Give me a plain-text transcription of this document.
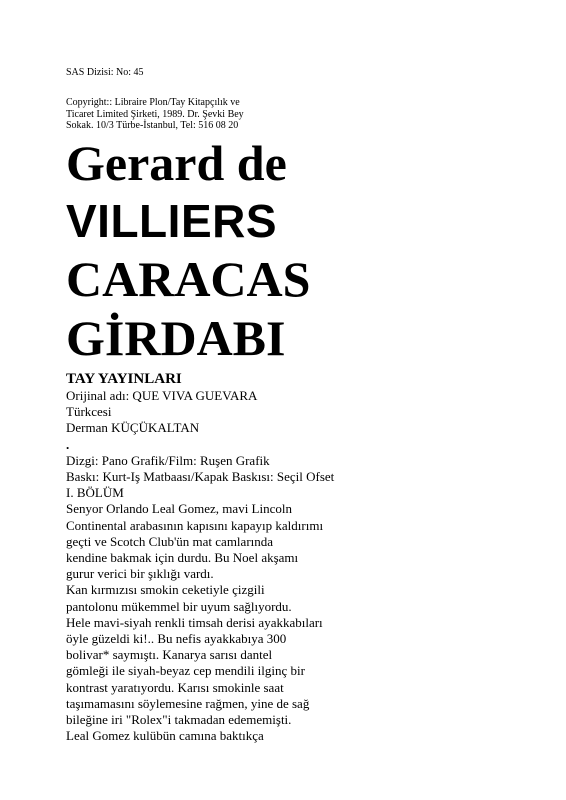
SAS Dizisi: No: 45
Copyright:: Libraire Plon/Tay Kitapçılık ve
Ticaret Limited Şirketi, 1989. Dr. Şevki Bey
Sokak. 10/3 Türbe-İstanbul, Tel: 516 08 20
Gerard de
VILLIERS
CARACAS
GİRDABI
TAY YAYINLARI
Orijinal adı: QUE VIVA GUEVARA
Türkcesi
Derman KÜÇÜKALTAN
.
Dizgi: Pano Grafik/Film: Ruşen Grafik
Baskı: Kurt-Iş Matbaası/Kapak Baskısı: Seçil Ofset
I. BÖLÜM
Senyor Orlando Leal Gomez, mavi Lincoln
Continental arabasının kapısını kapayıp kaldırımı
geçti ve Scotch Club'ün mat camlarında
kendine bakmak için durdu. Bu Noel akşamı
gurur verici bir şıklığı vardı.
Kan kırmızısı smokin ceketiyle çizgili
pantolonu mükemmel bir uyum sağlıyordu.
Hele mavi-siyah renkli timsah derisi ayakkabıları
öyle güzeldi ki!.. Bu nefis ayakkabıya 300
bolivar* saymıştı. Kanarya sarısı dantel
gömleği ile siyah-beyaz cep mendili ilginç bir
kontrast yaratıyordu. Karısı smokinle saat
taşımamasını söylemesine rağmen, yine de sağ
bileğine iri "Rolex"i takmadan edememişti.
Leal Gomez kulübün camına baktıkça
